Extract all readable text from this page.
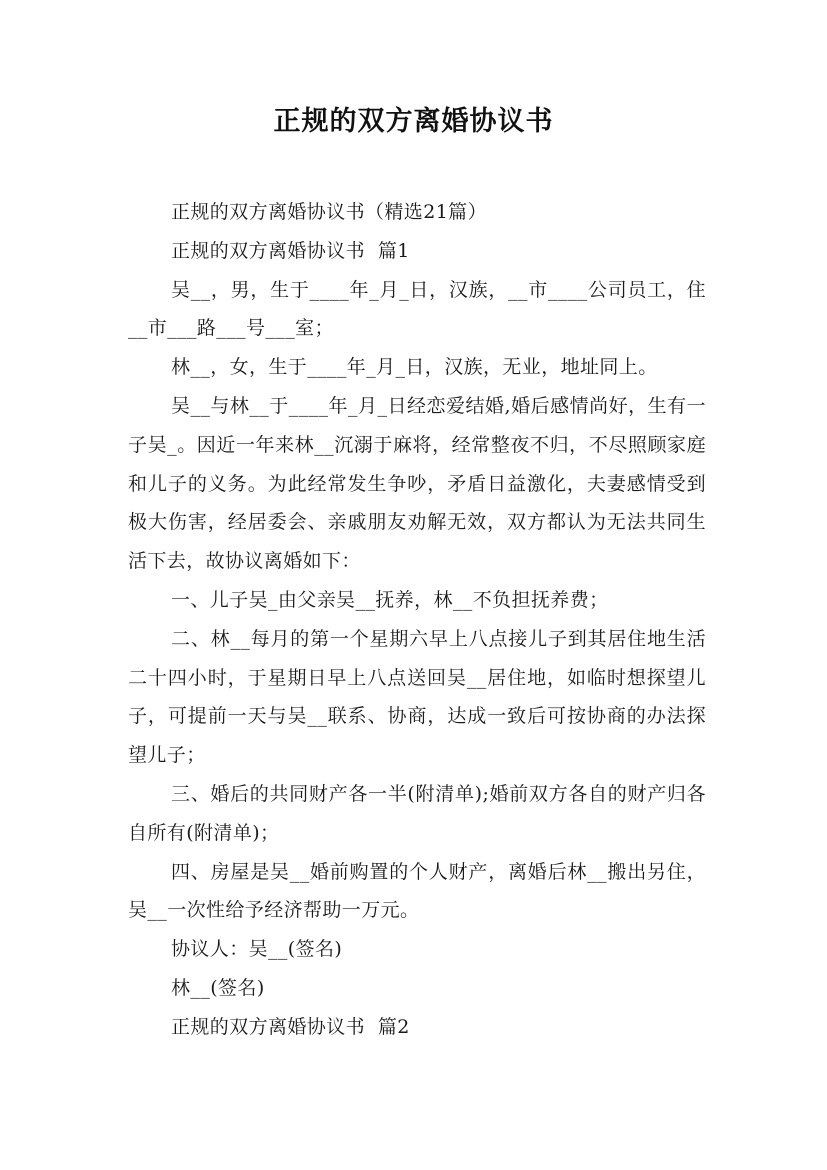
正规的双方离婚协议书

正规的双方离婚协议书（精选21篇）

正规的双方离婚协议书  篇1

吴__，男，生于____年_月_日，汉族，__市____公司员工，住__市___路___号___室；

林__，女，生于____年_月_日，汉族，无业，地址同上。

吴__与林__于____年_月_日经恋爱结婚,婚后感情尚好，生有一子吴_。因近一年来林__沉溺于麻将，经常整夜不归，不尽照顾家庭和儿子的义务。为此经常发生争吵，矛盾日益激化，夫妻感情受到极大伤害，经居委会、亲戚朋友劝解无效，双方都认为无法共同生活下去，故协议离婚如下：

一、儿子吴_由父亲吴__抚养，林__不负担抚养费；

二、林__每月的第一个星期六早上八点接儿子到其居住地生活二十四小时，于星期日早上八点送回吴__居住地，如临时想探望儿子，可提前一天与吴__联系、协商，达成一致后可按协商的办法探望儿子；

三、婚后的共同财产各一半(附清单);婚前双方各自的财产归各自所有(附清单)；

四、房屋是吴__婚前购置的个人财产，离婚后林__搬出另住，吴__一次性给予经济帮助一万元。

协议人：吴__(签名)

林__(签名)

正规的双方离婚协议书  篇2
